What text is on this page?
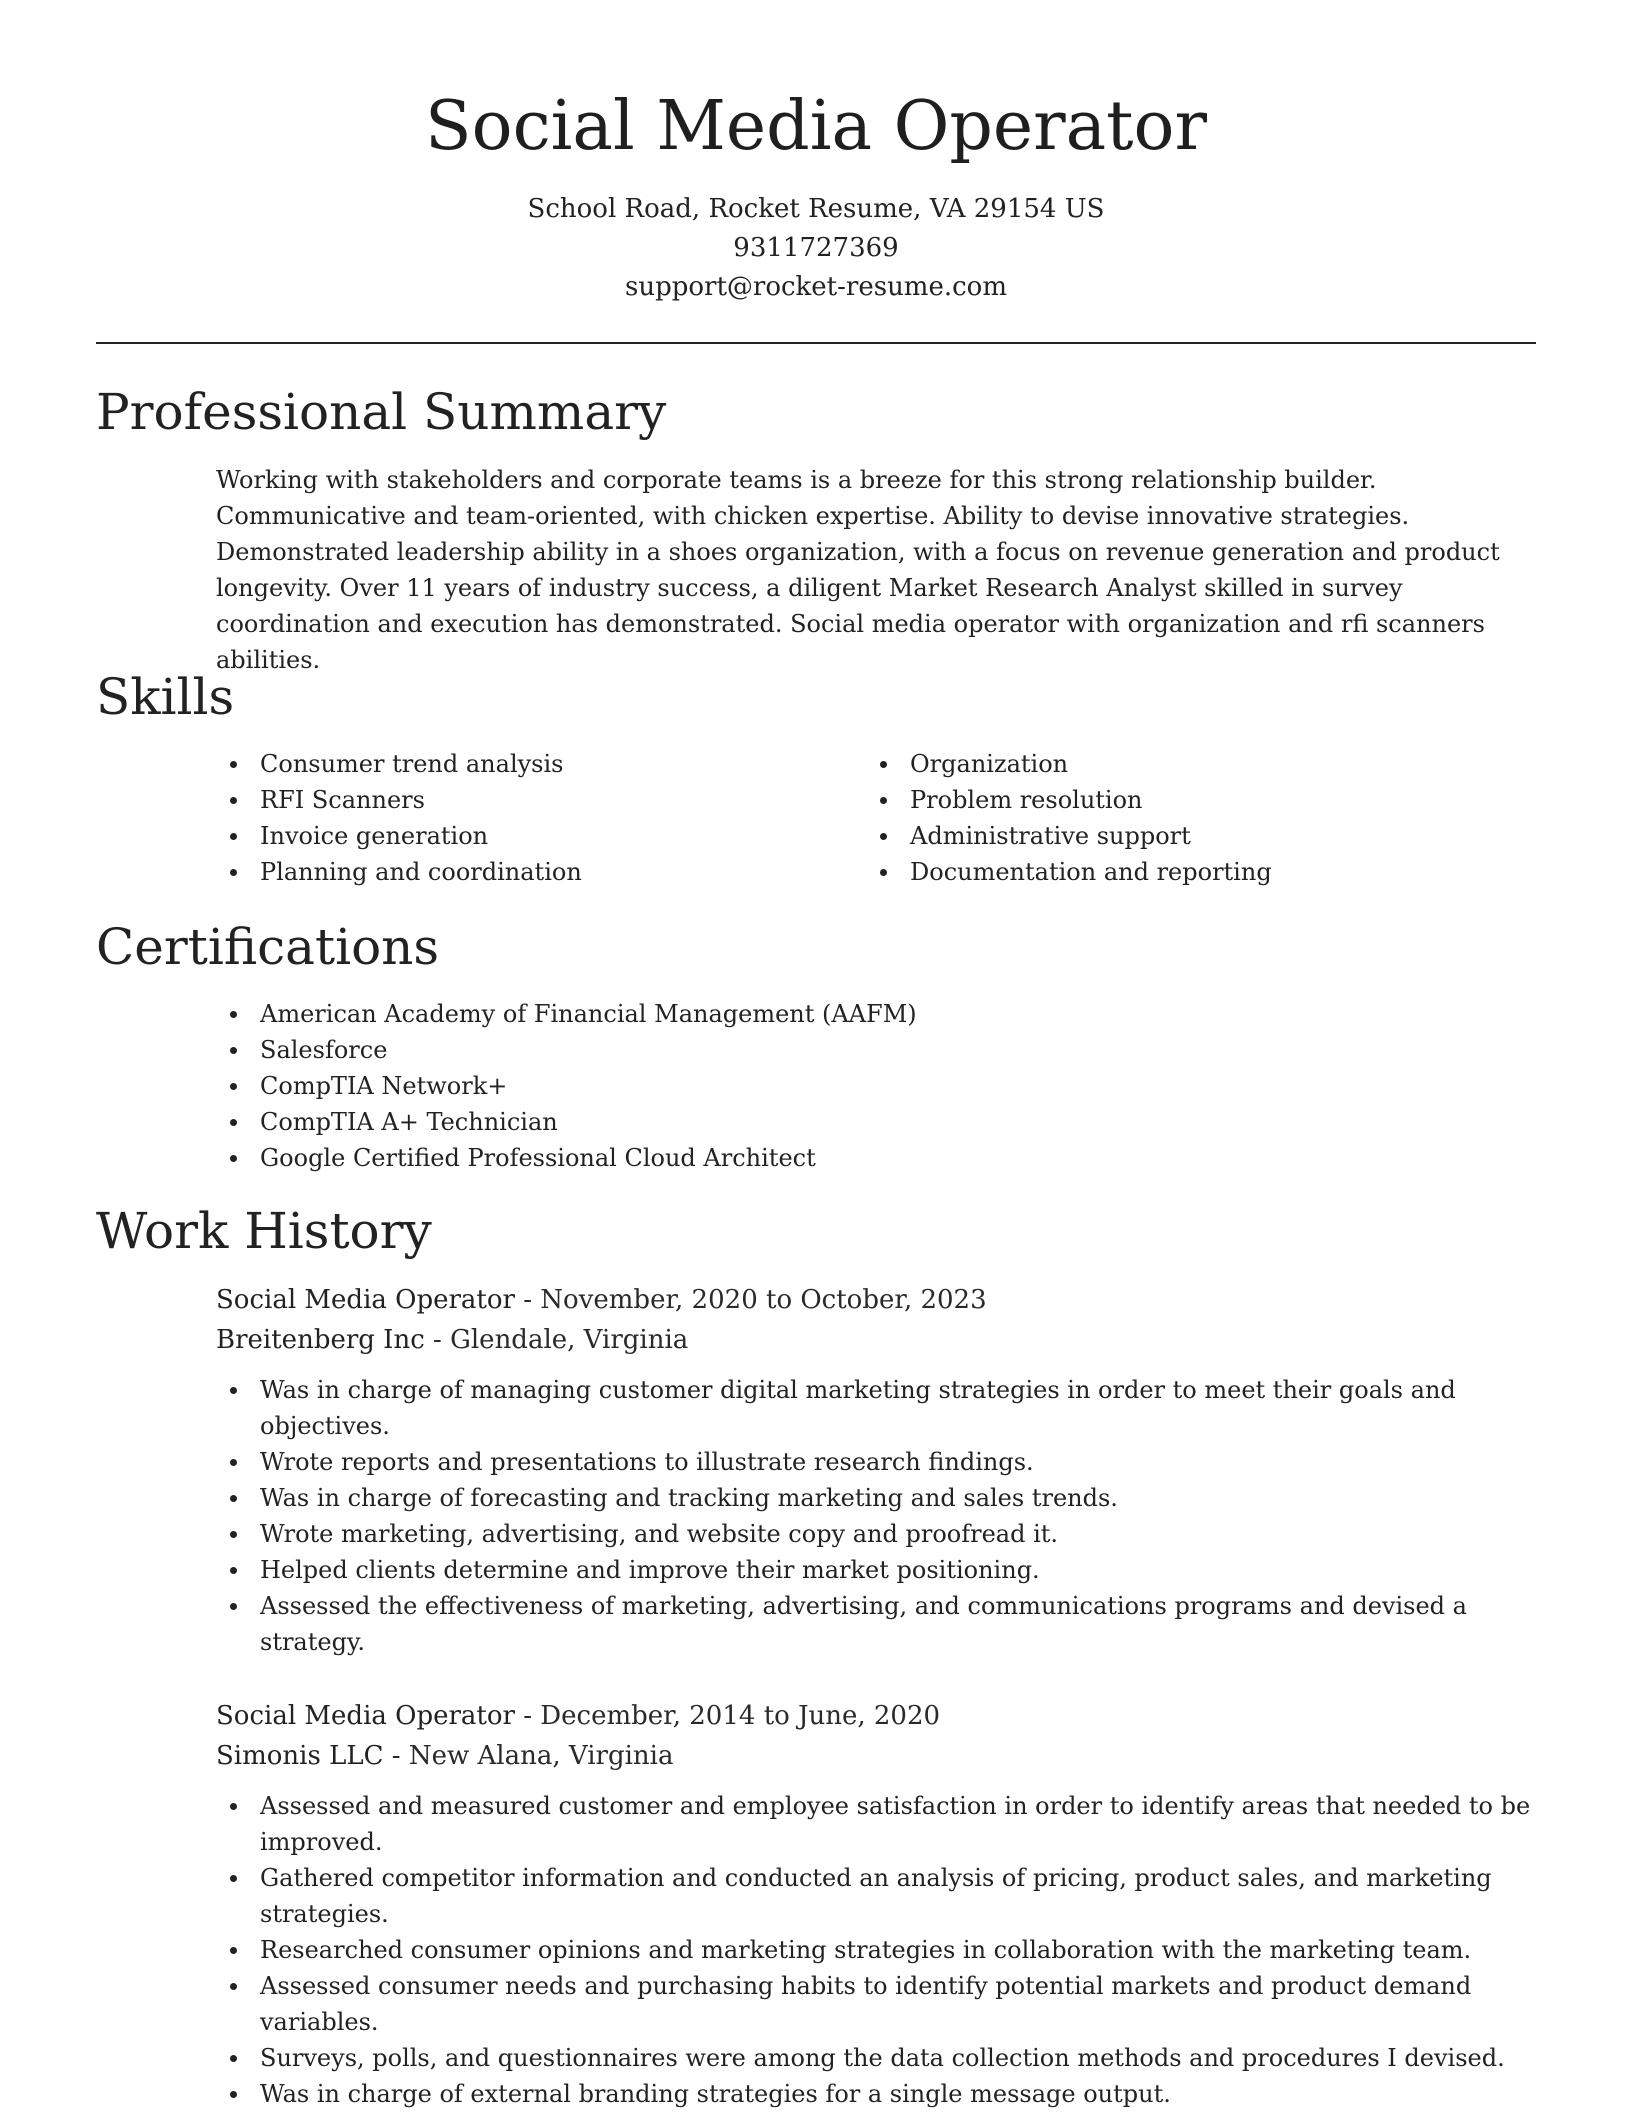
Social Media Operator
School Road, Rocket Resume, VA 29154 US
9311727369
support@rocket-resume.com
Professional Summary

Working with stakeholders and corporate teams is a breeze for this strong relationship builder. Communicative and team-oriented, with chicken expertise. Ability to devise innovative strategies. Demonstrated leadership ability in a shoes organization, with a focus on revenue generation and product longevity. Over 11 years of industry success, a diligent Market Research Analyst skilled in survey coordination and execution has demonstrated. Social media operator with organization and rfi scanners abilities.

Skills
Consumer trend analysis
RFI Scanners
Invoice generation
Planning and coordination
Organization
Problem resolution
Administrative support
Documentation and reporting
Certifications
American Academy of Financial Management (AAFM)
Salesforce
CompTIA Network+
CompTIA A+ Technician
Google Certified Professional Cloud Architect
Work History
Social Media Operator - November, 2020 to October, 2023
Breitenberg Inc - Glendale, Virginia
Was in charge of managing customer digital marketing strategies in order to meet their goals and objectives.
Wrote reports and presentations to illustrate research findings.
Was in charge of forecasting and tracking marketing and sales trends.
Wrote marketing, advertising, and website copy and proofread it.
Helped clients determine and improve their market positioning.
Assessed the effectiveness of marketing, advertising, and communications programs and devised a strategy.
Social Media Operator - December, 2014 to June, 2020
Simonis LLC - New Alana, Virginia
Assessed and measured customer and employee satisfaction in order to identify areas that needed to be improved.
Gathered competitor information and conducted an analysis of pricing, product sales, and marketing strategies.
Researched consumer opinions and marketing strategies in collaboration with the marketing team.
Assessed consumer needs and purchasing habits to identify potential markets and product demand variables.
Surveys, polls, and questionnaires were among the data collection methods and procedures I devised.
Was in charge of external branding strategies for a single message output.
